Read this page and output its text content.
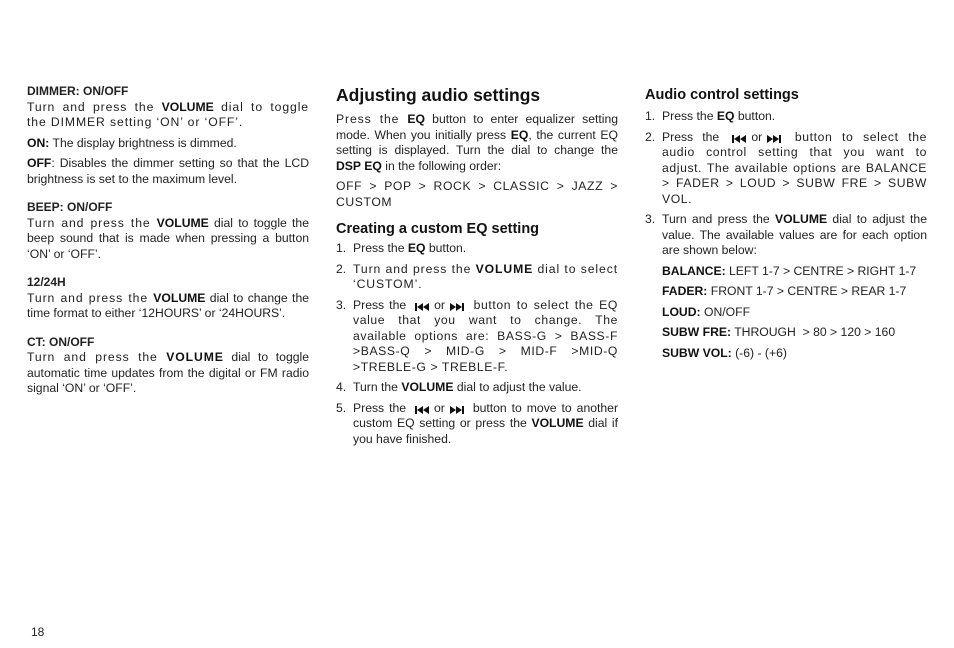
DIMMER: ON/OFF

Turn and press the VOLUME dial to toggle the DIMMER setting ‘ON’ or ‘OFF’.

ON: The display brightness is dimmed.

OFF: Disables the dimmer setting so that the LCD brightness is set to the maximum level.

BEEP: ON/OFF

Turn and press the VOLUME dial to toggle the beep sound that is made when pressing a button ‘ON’ or ‘OFF’.

12/24H

Turn and press the VOLUME dial to change the time format to either ‘12HOURS’ or ‘24HOURS’.

CT: ON/OFF

Turn and press the VOLUME dial to toggle automatic time updates from the digital or FM radio signal ‘ON’ or ‘OFF’.

Adjusting audio settings

Press the EQ button to enter equalizer setting mode. When you initially press EQ, the current EQ setting is displayed. Turn the dial to change the DSP EQ in the following order:

OFF > POP > ROCK > CLASSIC > JAZZ > CUSTOM

Creating a custom EQ setting
1. Press the EQ button.
2. Turn and press the VOLUME dial to select ‘CUSTOM’.
3. Press the
or
button to select the EQ value that you want to change. The available options are: BASS-G > BASS-F >BASS-Q > MID-G > MID-F >MID-Q >TREBLE-G > TREBLE-F.
4. Turn the VOLUME dial to adjust the value.
5. Press the
or
button to move to another custom EQ setting or press the VOLUME dial if you have finished.
Audio control settings
1. Press the EQ button.
2. Press the
or
button to select the audio control setting that you want to adjust. The available options are BALANCE > FADER > LOUD > SUBW FRE > SUBW VOL.
3. Turn and press the VOLUME dial to adjust the value. The available values are for each option are shown below:
BALANCE: LEFT 1-7 > CENTRE > RIGHT 1-7
FADER: FRONT 1-7 > CENTRE > REAR 1-7
LOUD: ON/OFF
SUBW FRE: THROUGH  > 80 > 120 > 160
SUBW VOL: (-6) - (+6)
18
